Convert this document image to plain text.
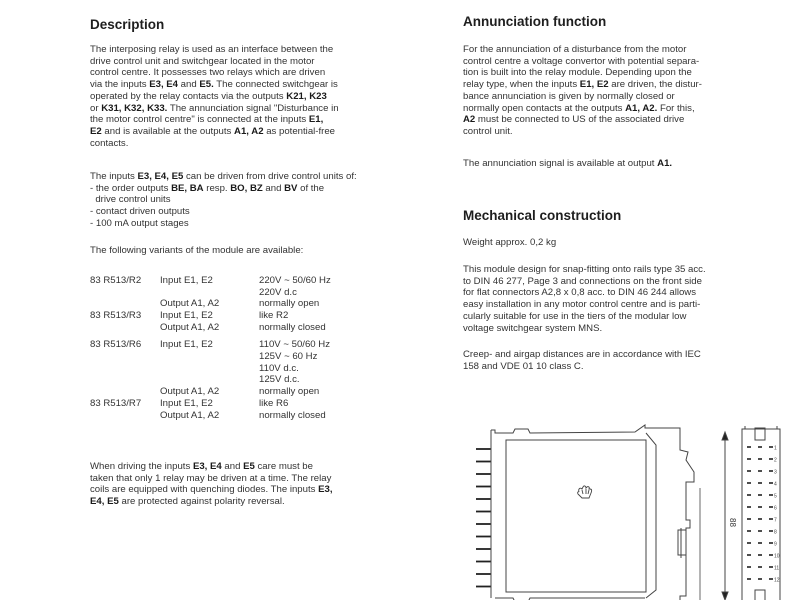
Description
The interposing relay is used as an interface between the
drive control unit and switchgear located in the motor
control centre. It possesses two relays which are driven
via the inputs E3, E4 and E5. The connected switchgear is
operated by the relay contacts via the outputs K21, K23
or K31, K32, K33. The annunciation signal "Disturbance in
the motor control centre" is connected at the inputs E1,
E2 and is available at the outputs A1, A2 as potential-free
contacts.
The inputs E3, E4, E5 can be driven from drive control units of:
- the order outputs BE, BA resp. BO, BZ and BV of the
drive control units
- contact driven outputs
- 100 mA output stages
The following variants of the module are available:
83 R513/R2 Input E1, E2	220V ~ 50/60 Hz
220V d.c
Output A1, A2	normally open
83 R513/R3 Input E1, E2	like R2
Output A1, A2	normally closed
83 R513/R6 Input E1, E2	110V ~ 50/60 Hz
125V ~ 60 Hz
110V d.c.
125V d.c.
Output A1, A2	normally open
83 R513/R7 Input E1, E2	like R6
Output A1, A2	normally closed
When driving the inputs E3, E4 and E5 care must be
taken that only 1 relay may be driven at a time. The relay
coils are equipped with quenching diodes. The inputs E3,
E4, E5 are protected against polarity reversal.
Annunciation function
For the annunciation of a disturbance from the motor
control centre a voltage convertor with potential separa-
tion is built into the relay module. Depending upon the
relay type, when the inputs E1, E2 are driven, the distur-
bance annunciation is given by normally closed or
normally open contacts at the outputs A1, A2. For this,
A2 must be connected to US of the associated drive
control unit.
The annunciation signal is available at output A1.
Mechanical construction
Weight approx. 0,2 kg
This module design for snap-fitting onto rails type 35 acc.
to DIN 46 277, Page 3 and connections on the front side
for flat connectors A2,8 x 0,8 acc. to DIN 46 244 allows
easy installation in any motor control centre and is parti-
cularly suitable for use in the tiers of the modular low
voltage switchgear system MNS.
Creep- and airgap distances are in accordance with IEC
158 and VDE 01 10 class C.
88
1
2
3
4
5
6
7
8
9
10
11
12
